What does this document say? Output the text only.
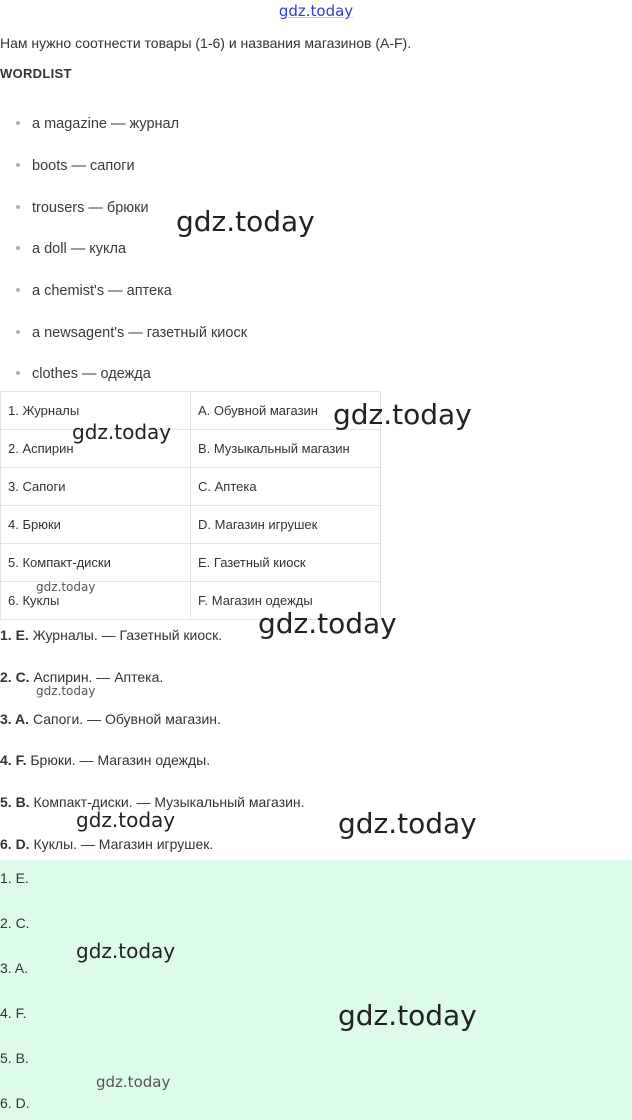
gdz.today
Нам нужно соотнести товары (1-6) и названия магазинов (A-F).
WORDLIST
a magazine — журнал
boots — сапоги
trousers — брюки
a doll — кукла
a chemist's — аптека
a newsagent's — газетный киоск
clothes — одежда
1. Журналы	A. Обувной магазин
2. Аспирин	B. Музыкальный магазин
3. Сапоги	C. Аптека
4. Брюки	D. Магазин игрушек
5. Компакт-диски	E. Газетный киоск
6. Куклы	F. Магазин одежды
1. E. Журналы. — Газетный киоск.
2. C. Аспирин. — Аптека.
3. A. Сапоги. — Обувной магазин.
4. F. Брюки. — Магазин одежды.
5. B. Компакт-диски. — Музыкальный магазин.
6. D. Куклы. — Магазин игрушек.
1. E.
2. C.
3. A.
4. F.
5. B.
6. D.
gdz.today
gdz.today
gdz.today
gdz.today
gdz.today
gdz.today
gdz.today	gdz.today
gdz.today
gdz.today
gdz.today
